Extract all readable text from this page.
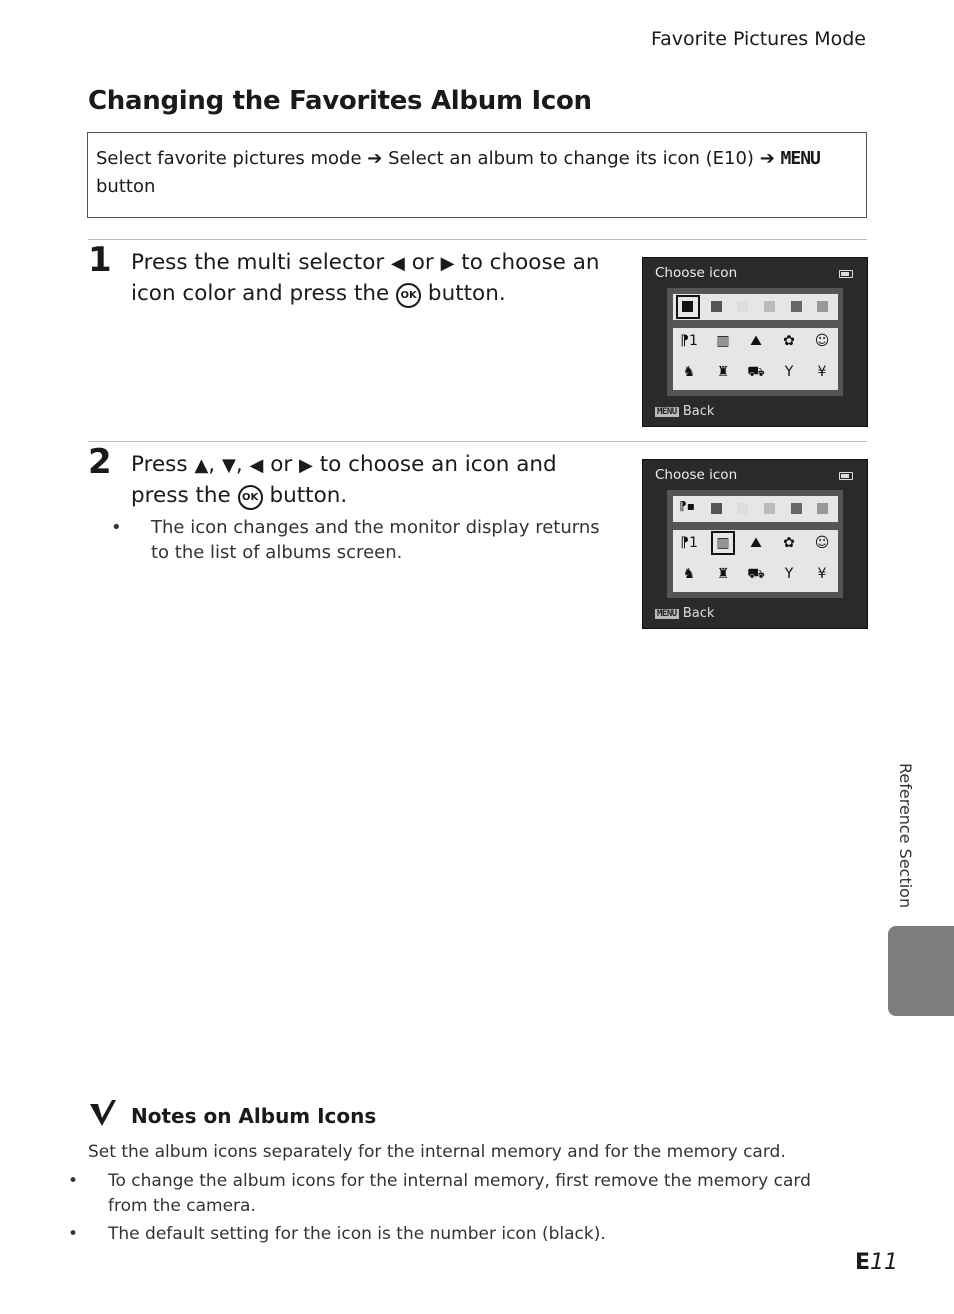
Favorite Pictures Mode
Changing the Favorites Album Icon
Select favorite pictures mode ➔ Select an album to change its icon (E10) ➔ MENU
button
1 Press the multi selector ◀ or ▶ to choose an icon color and press the OK button.
Choose icon
⁋1	▥	⛰	✿	☺
♞	♜	⛟	Y	¥
MENU Back
2 Press ▲, ▼, ◀ or ▶ to choose an icon and press the OK button.
• The icon changes and the monitor display returns to the list of albums screen.
Choose icon
⁋▪
⁋1	▥	⛰	✿	☺
♞	♜	⛟	Y	¥
MENU Back
Reference Section
Notes on Album Icons
Set the album icons separately for the internal memory and for the memory card.
• To change the album icons for the internal memory, first remove the memory card from the camera.
• The default setting for the icon is the number icon (black).
E11
